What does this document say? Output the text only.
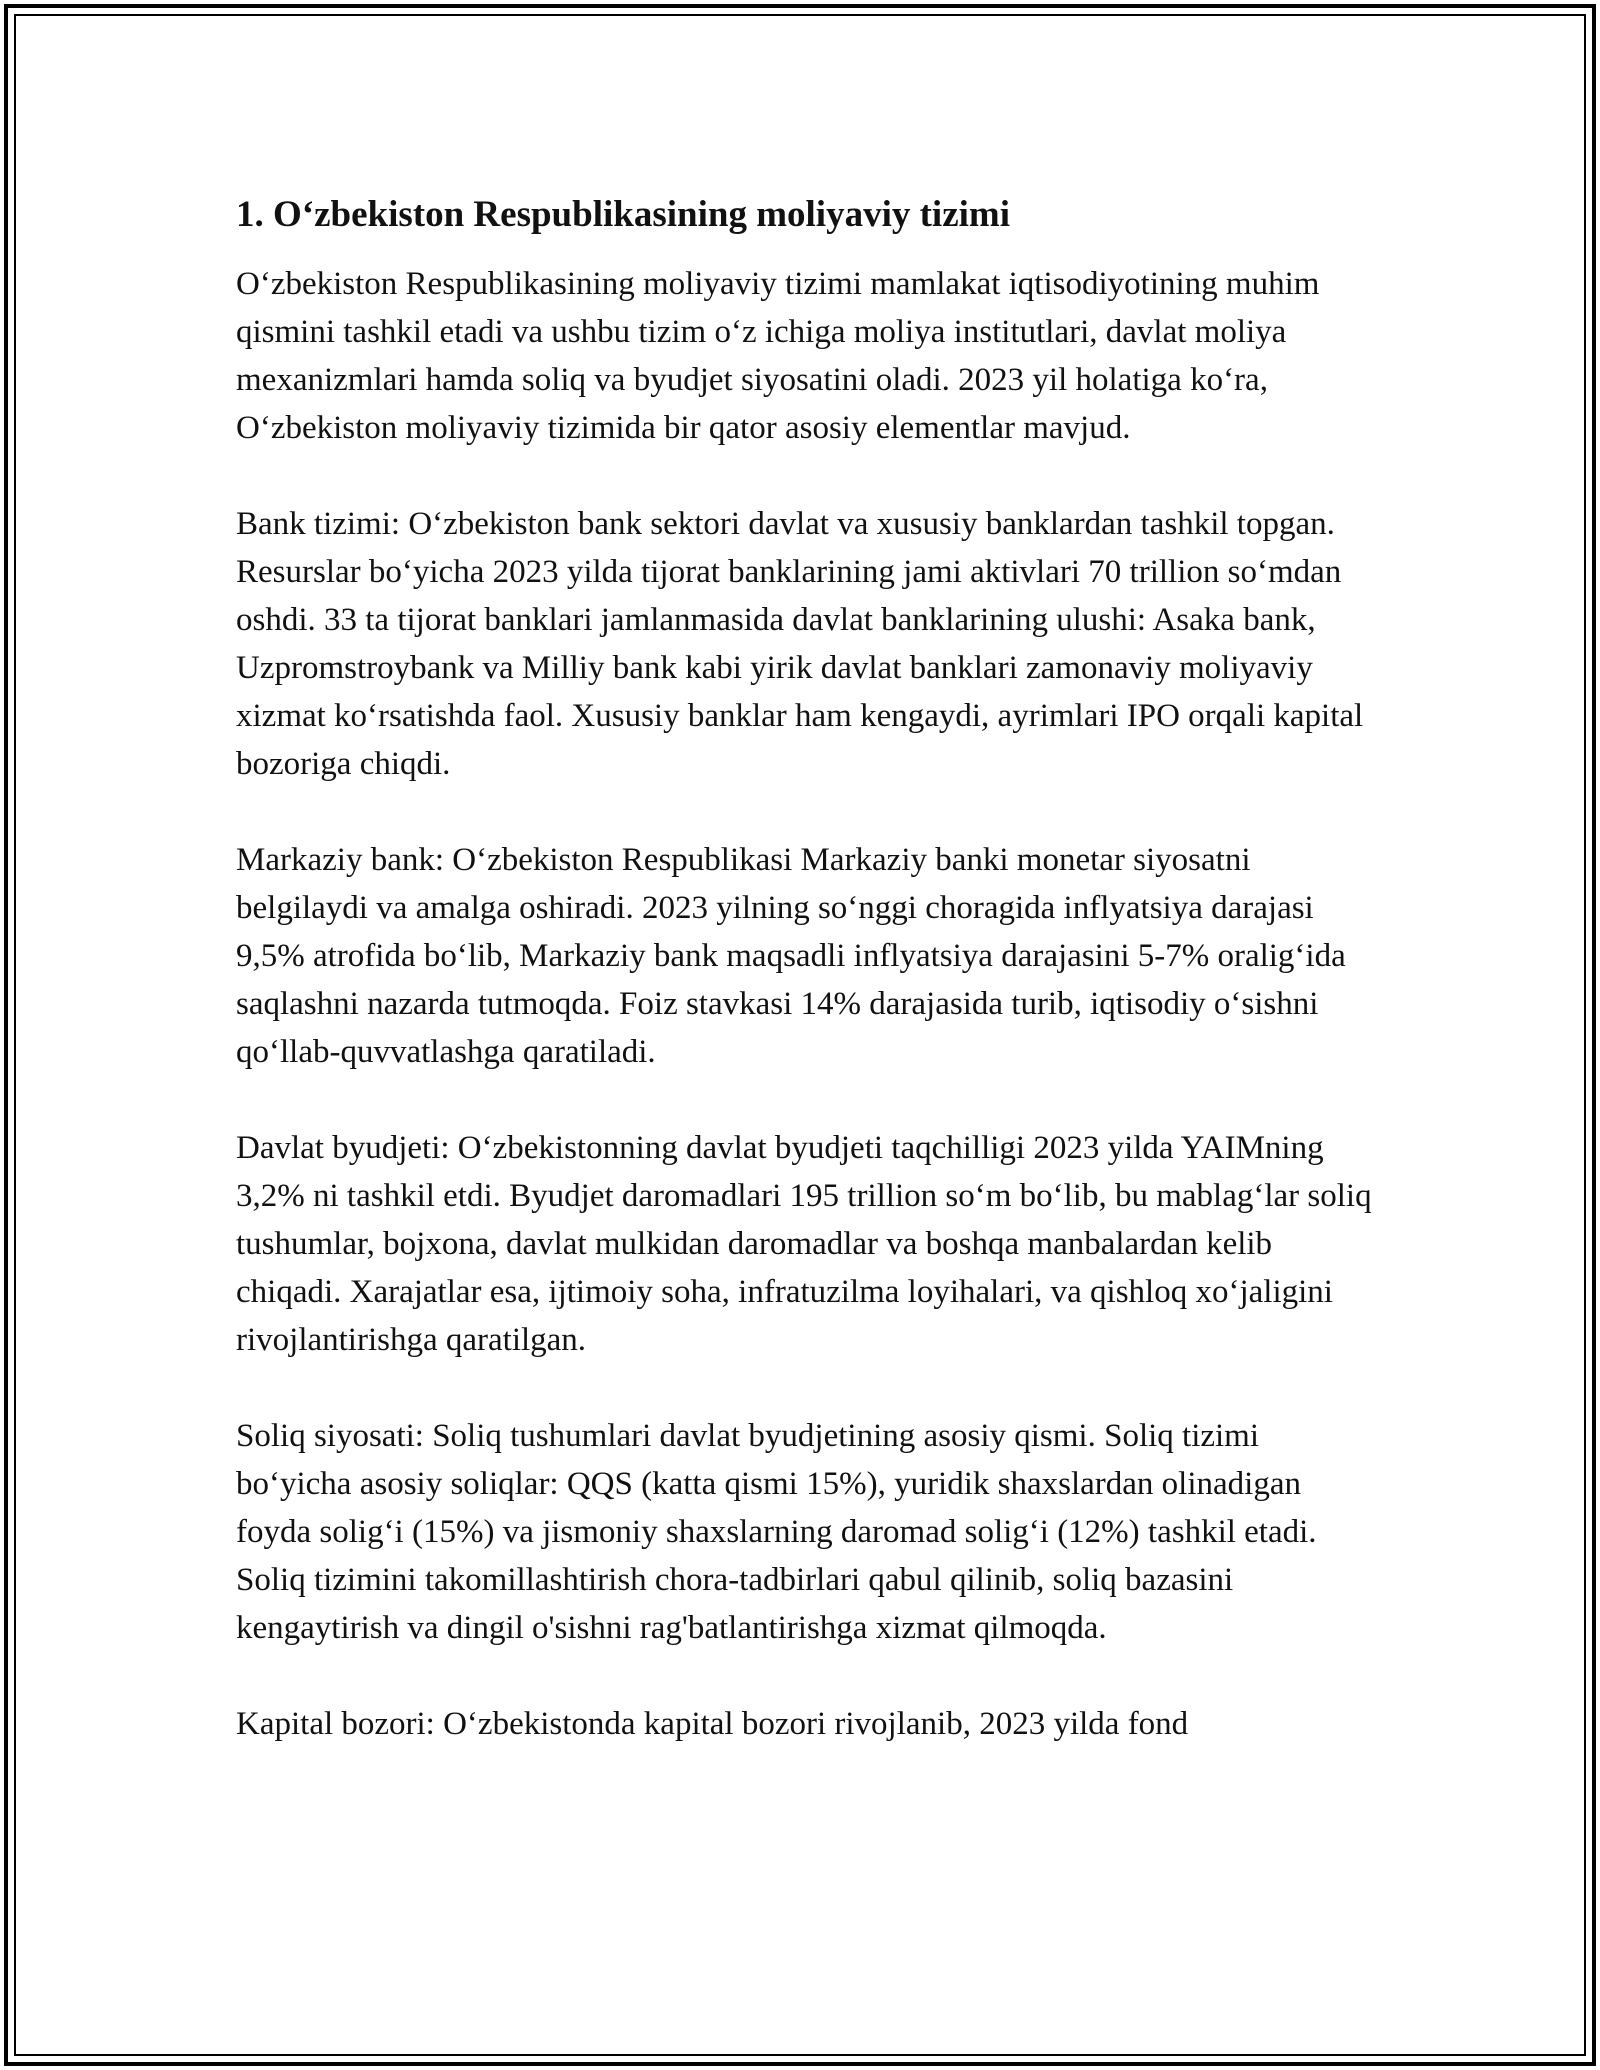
1. O‘zbekiston Respublikasining moliyaviy tizimi

O‘zbekiston Respublikasining moliyaviy tizimi mamlakat iqtisodiyotining muhim qismini tashkil etadi va ushbu tizim o‘z ichiga moliya institutlari, davlat moliya mexanizmlari hamda soliq va byudjet siyosatini oladi. 2023 yil holatiga ko‘ra, O‘zbekiston moliyaviy tizimida bir qator asosiy elementlar mavjud.

Bank tizimi: O‘zbekiston bank sektori davlat va xususiy banklardan tashkil topgan. Resurslar bo‘yicha 2023 yilda tijorat banklarining jami aktivlari 70 trillion so‘mdan oshdi. 33 ta tijorat banklari jamlanmasida davlat banklarining ulushi: Asaka bank, Uzpromstroybank va Milliy bank kabi yirik davlat banklari zamonaviy moliyaviy xizmat ko‘rsatishda faol. Xususiy banklar ham kengaydi, ayrimlari IPO orqali kapital bozoriga chiqdi.

Markaziy bank: O‘zbekiston Respublikasi Markaziy banki monetar siyosatni belgilaydi va amalga oshiradi. 2023 yilning so‘nggi choragida inflyatsiya darajasi 9,5% atrofida bo‘lib, Markaziy bank maqsadli inflyatsiya darajasini 5-7% oralig‘ida saqlashni nazarda tutmoqda. Foiz stavkasi 14% darajasida turib, iqtisodiy o‘sishni qo‘llab-quvvatlashga qaratiladi.

Davlat byudjeti: O‘zbekistonning davlat byudjeti taqchilligi 2023 yilda YAIMning 3,2% ni tashkil etdi. Byudjet daromadlari 195 trillion so‘m bo‘lib, bu mablag‘lar soliq tushumlar, bojxona, davlat mulkidan daromadlar va boshqa manbalardan kelib chiqadi. Xarajatlar esa, ijtimoiy soha, infratuzilma loyihalari, va qishloq xo‘jaligini rivojlantirishga qaratilgan.

Soliq siyosati: Soliq tushumlari davlat byudjetining asosiy qismi. Soliq tizimi bo‘yicha asosiy soliqlar: QQS (katta qismi 15%), yuridik shaxslardan olinadigan foyda solig‘i (15%) va jismoniy shaxslarning daromad solig‘i (12%) tashkil etadi. Soliq tizimini takomillashtirish chora-tadbirlari qabul qilinib, soliq bazasini kengaytirish va dingil o'sishni rag'batlantirishga xizmat qilmoqda.

Kapital bozori: O‘zbekistonda kapital bozori rivojlanib, 2023 yilda fond
